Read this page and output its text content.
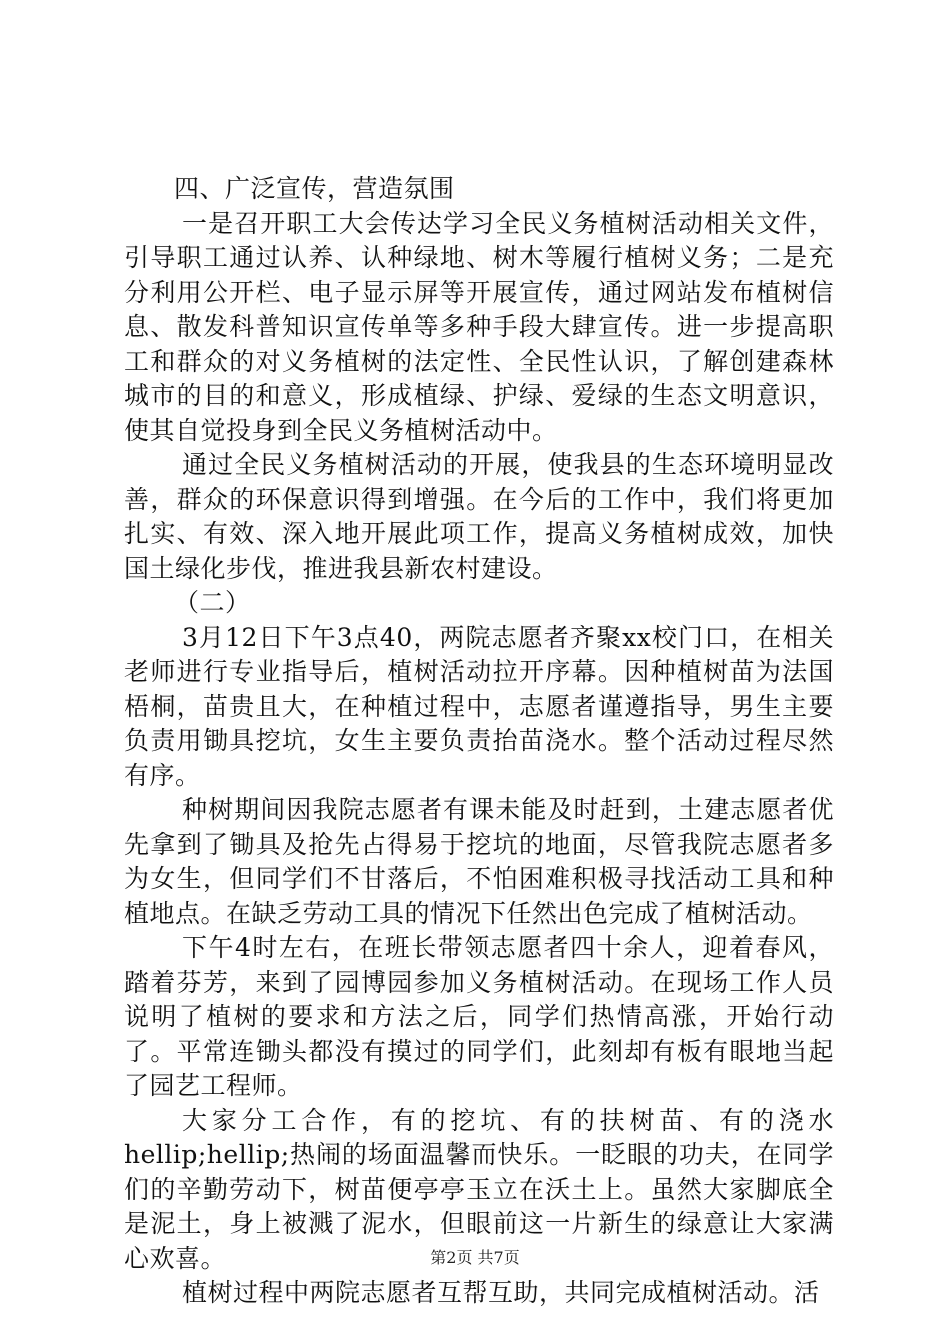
四、广泛宣传，营造氛围

一是召开职工大会传达学习全民义务植树活动相关文件，引导职工通过认养、认种绿地、树木等履行植树义务；二是充分利用公开栏、电子显示屏等开展宣传，通过网站发布植树信息、散发科普知识宣传单等多种手段大肆宣传。进一步提高职工和群众的对义务植树的法定性、全民性认识，了解创建森林城市的目的和意义，形成植绿、护绿、爱绿的生态文明意识，使其自觉投身到全民义务植树活动中。

通过全民义务植树活动的开展，使我县的生态环境明显改善，群众的环保意识得到增强。在今后的工作中，我们将更加扎实、有效、深入地开展此项工作，提高义务植树成效，加快国土绿化步伐，推进我县新农村建设。

（二）

3月12日下午3点40，两院志愿者齐聚xx校门口，在相关老师进行专业指导后，植树活动拉开序幕。因种植树苗为法国梧桐，苗贵且大，在种植过程中，志愿者谨遵指导，男生主要负责用锄具挖坑，女生主要负责抬苗浇水。整个活动过程尽然有序。

种树期间因我院志愿者有课未能及时赶到，土建志愿者优先拿到了锄具及抢先占得易于挖坑的地面，尽管我院志愿者多为女生，但同学们不甘落后，不怕困难积极寻找活动工具和种植地点。在缺乏劳动工具的情况下任然出色完成了植树活动。

下午4时左右，在班长带领志愿者四十余人，迎着春风，踏着芬芳，来到了园博园参加义务植树活动。在现场工作人员说明了植树的要求和方法之后，同学们热情高涨，开始行动了。平常连锄头都没有摸过的同学们，此刻却有板有眼地当起了园艺工程师。

大家分工合作，有的挖坑、有的扶树苗、有的浇水hellip;hellip;热闹的场面温馨而快乐。一眨眼的功夫，在同学们的辛勤劳动下，树苗便亭亭玉立在沃土上。虽然大家脚底全是泥土，身上被溅了泥水，但眼前这一片新生的绿意让大家满心欢喜。

植树过程中两院志愿者互帮互助，共同完成植树活动。活

第2页 共7页
